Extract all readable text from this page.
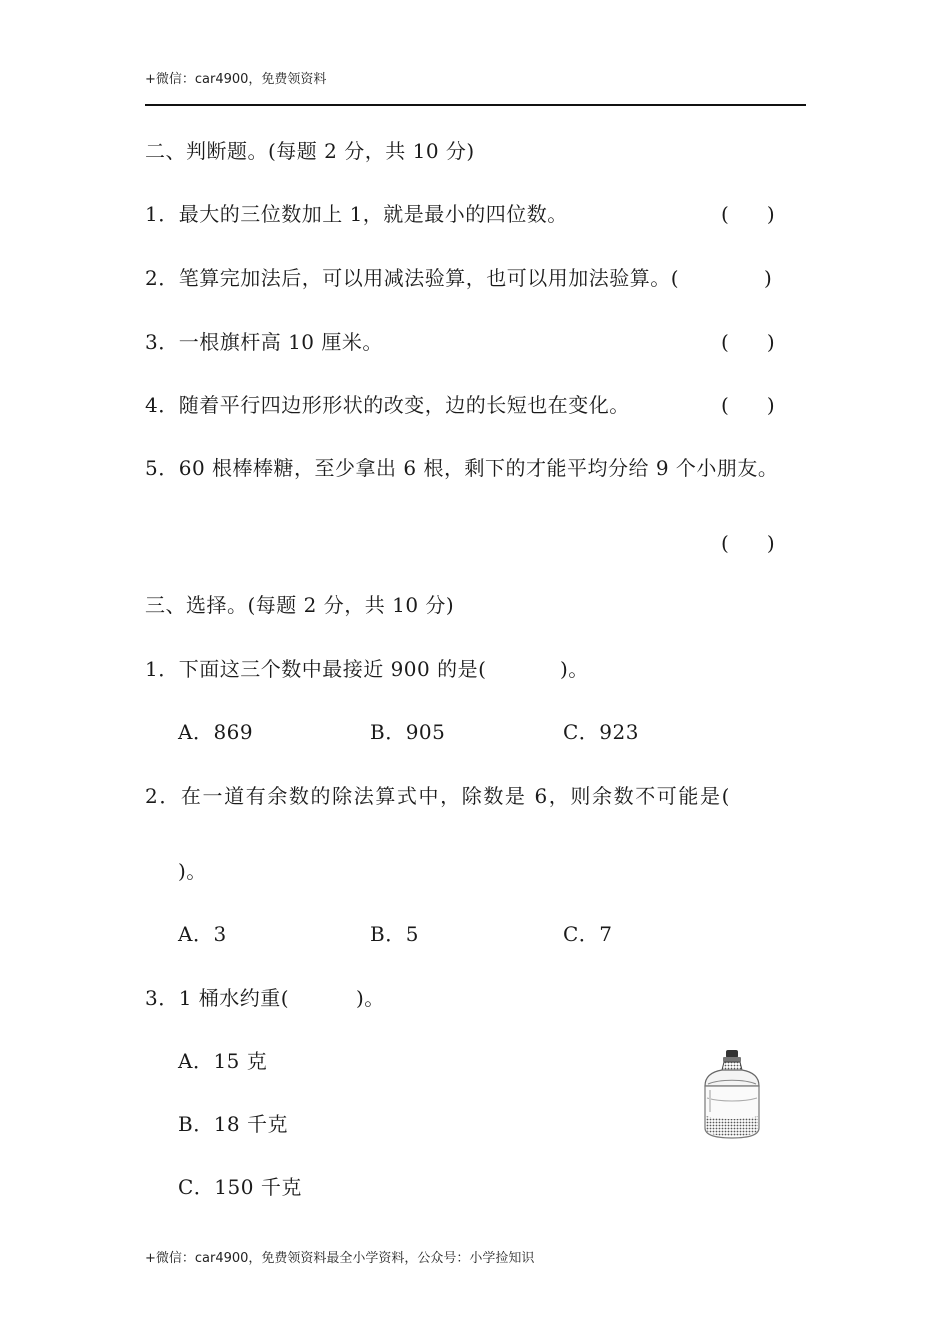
+微信：car4900，免费领资料
二、判断题。(每题 2 分，共 10 分)
1．最大的三位数加上 1，就是最小的四位数。	( )
2．笔算完加法后，可以用减法验算，也可以用加法验算。(	)
3．一根旗杆高 10 厘米。	( )
4．随着平行四边形形状的改变，边的长短也在变化。	( )
5．60 根棒棒糖，至少拿出 6 根，剩下的才能平均分给 9 个小朋友。
( )
三、选择。(每题 2 分，共 10 分)
1．下面这三个数中最接近 900 的是(	)。
A．869	B．905	C．923
2．在一道有余数的除法算式中，除数是 6，则余数不可能是(
)。
A．3	B．5	C．7
3．1 桶水约重(	)。
A．15 克
B．18 千克
C．150 千克
+微信：car4900，免费领资料最全小学资料，公众号：小学捡知识
